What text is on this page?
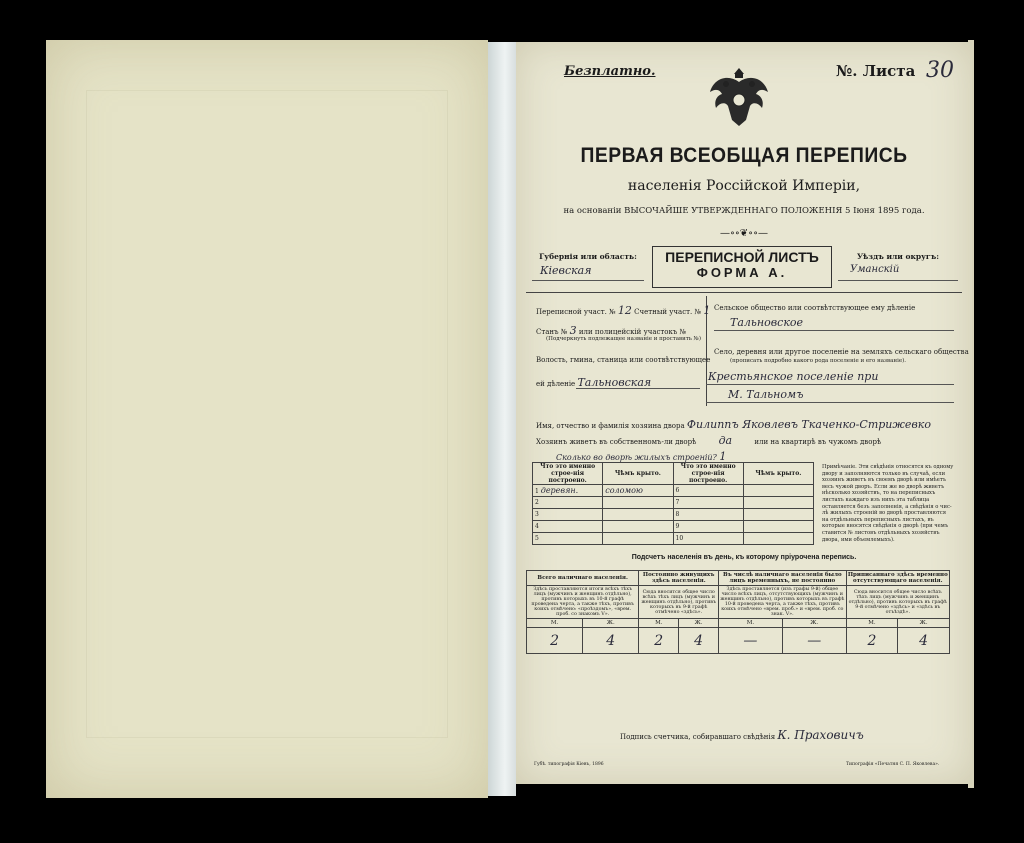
Безплатно.	№. Листа 30
ПЕРВАЯ ВСЕОБЩАЯ ПЕРЕПИСЬ
населенія Россійской Имперіи,
на основаніи ВЫСОЧАЙШЕ УТВЕРЖДЕННАГО ПОЛОЖЕНІЯ 5 Іюня 1895 года.
—∘∘❦∘∘—
Губернія или область:
Кіевская
ПЕРЕПИСНОЙ ЛИСТЪ
ФОРМА А.
Уѣздъ или округъ:
Уманскій
Переписной участ. № 12 Счетный участ. № 1
Станъ № 3 или полицейскій участокъ №
(Подчеркнуть подлежащее названіе и проставить №)
Волость, гмина, станица или соотвѣтствующее
ей дѣленіе Тальновская
Сельское общество или соотвѣтствующее ему дѣленіе
Тальновское
Село, деревня или другое поселеніе на земляхъ сельскаго общества
(прописать подробно какого рода поселеніе и его названіе).
Крестьянское поселеніе при
М. Тальномъ
Имя, отчество и фамилія хозяина двора Филиппъ Яковлевъ Ткаченко-Стрижевко
Хозяинъ живетъ въ собственномъ-ли дворѣ да	или на квартирѣ въ чужомъ дворѣ
Сколько во дворѣ жилыхъ строеній? 1
Что это именно строе-нія построено.	Чѣмъ крыто.	Что это именно строе-нія построено.	Чѣмъ крыто.
1 деревян.	соломою	6	
2		7	
3		8	
4		9	
5		10	
Примѣчаніе. Эти свѣдѣнія относятся къ одному двору и заполняются только въ случаѣ, если хозяинъ живетъ въ своемъ дворѣ или имѣетъ весь чужой дворъ. Если же во дворѣ живетъ нѣсколько хозяйствъ, то на переписныхъ листахъ каждаго изъ нихъ эта таблица оставляется безъ заполненія, а свѣдѣнія о чис-лѣ жилыхъ строеній во дворѣ проставляются на отдѣльныхъ переписныхъ листахъ, въ которые вносятся свѣдѣнія о дворѣ (при чемъ ставится № листовъ отдѣльныхъ хозяйствъ двора, ими объемлемыхъ).
Подсчетъ населенія въ день, къ которому пріурочена перепись.
Всего наличнаго населенія.		Постоянно живущихъ здѣсь населенія.		Въ числѣ наличнаго населенія было лицъ временныхъ, не постоянно		Приписаннаго здѣсь временно отсутствующаго населенія.	
Здѣсь проставляются итоги всѣхъ тѣхъ лицъ (мужчинъ и женщинъ отдѣльно), противъ которыхъ въ 10-й графѣ проведена черта, а также тѣхъ, противъ коихъ отмѣчено: «проѣздомъ», «врем. проб. со знакомъ V».		Сюда вносится общее число всѣхъ тѣхъ лицъ (мужчинъ и женщинъ отдѣльно), противъ которыхъ въ 9-й графѣ отмѣчено «здѣсь».		Здѣсь проставляется (изъ графы 9-й) общее число всѣхъ лицъ, отсутствующихъ (мужчинъ и женщинъ отдѣльно), противъ которыхъ въ графѣ 10-й проведена черта, а также тѣхъ, противъ коихъ отмѣчено «врем. проб.» и «врем. проб. со знак. V».		Сюда вносится общее число всѣхъ тѣхъ лицъ (мужчинъ и женщинъ отдѣльно), противъ которыхъ въ графѣ 9-й отмѣчено «здѣсь» и «здѣсь въ отъѣздѣ».	
М.	Ж.	М.	Ж.	М.	Ж.	М.	Ж.
2	4	2	4	—	—	2	4
Подпись счетчика, собиравшаго свѣдѣнія К. Праховичъ
Губѣ. типографія Кіевъ, 1896	Типографія «Печатня С. П. Яковлева».
